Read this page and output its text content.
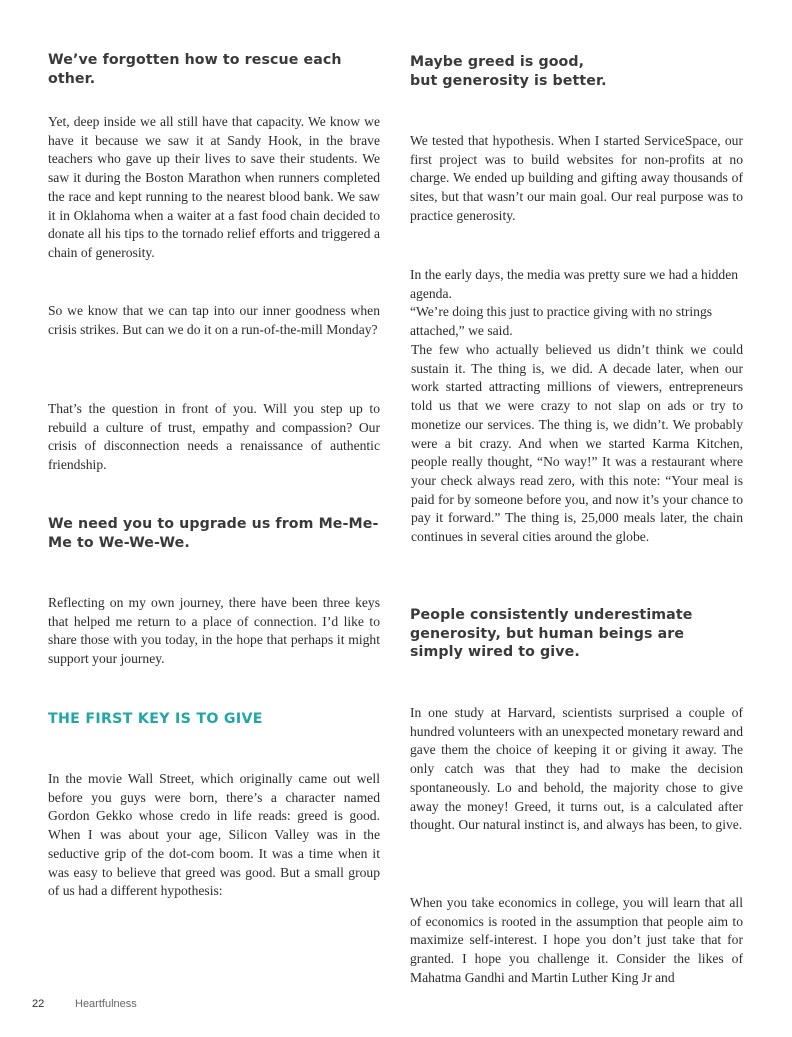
We’ve forgotten how to rescue each other.

Yet, deep inside we all still have that capacity. We know we have it because we saw it at Sandy Hook, in the brave teachers who gave up their lives to save their students. We saw it during the Boston Marathon when runners completed the race and kept running to the nearest blood bank. We saw it in Oklahoma when a waiter at a fast food chain decided to donate all his tips to the tornado relief efforts and triggered a chain of generosity.

So we know that we can tap into our inner goodness when crisis strikes. But can we do it on a run-of-the-mill Monday?

That’s the question in front of you. Will you step up to rebuild a culture of trust, empathy and compassion? Our crisis of disconnection needs a renaissance of authentic friendship.

We need you to upgrade us from Me-Me-Me to We-We-We.

Reflecting on my own journey, there have been three keys that helped me return to a place of connection. I’d like to share those with you today, in the hope that perhaps it might support your journey.

THE FIRST KEY IS TO GIVE

In the movie Wall Street, which originally came out well before you guys were born, there’s a character named Gordon Gekko whose credo in life reads: greed is good. When I was about your age, Silicon Valley was in the seductive grip of the dot-com boom. It was a time when it was easy to believe that greed was good. But a small group of us had a different hypothesis:

Maybe greed is good,
but generosity is better.

We tested that hypothesis. When I started ServiceSpace, our first project was to build websites for non-profits at no charge. We ended up building and gifting away thousands of sites, but that wasn’t our main goal. Our real purpose was to practice generosity.

In the early days, the media was pretty sure we had a hidden agenda.

“We’re doing this just to practice giving with no strings attached,” we said.

The few who actually believed us didn’t think we could sustain it. The thing is, we did. A decade later, when our work started attracting millions of viewers, entrepreneurs told us that we were crazy to not slap on ads or try to monetize our services. The thing is, we didn’t. We probably were a bit crazy. And when we started Karma Kitchen, people really thought, “No way!” It was a restaurant where your check always read zero, with this note: “Your meal is paid for by someone before you, and now it’s your chance to pay it forward.” The thing is, 25,000 meals later, the chain continues in several cities around the globe.

People consistently underestimate
generosity, but human beings are
simply wired to give.

In one study at Harvard, scientists surprised a couple of hundred volunteers with an unexpected monetary reward and gave them the choice of keeping it or giving it away. The only catch was that they had to make the decision spontaneously. Lo and behold, the majority chose to give away the money! Greed, it turns out, is a calculated after thought. Our natural instinct is, and always has been, to give.

When you take economics in college, you will learn that all of economics is rooted in the assumption that people aim to maximize self-interest. I hope you don’t just take that for granted. I hope you challenge it. Consider the likes of Mahatma Gandhi and Martin Luther King Jr and

22	Heartfulness
